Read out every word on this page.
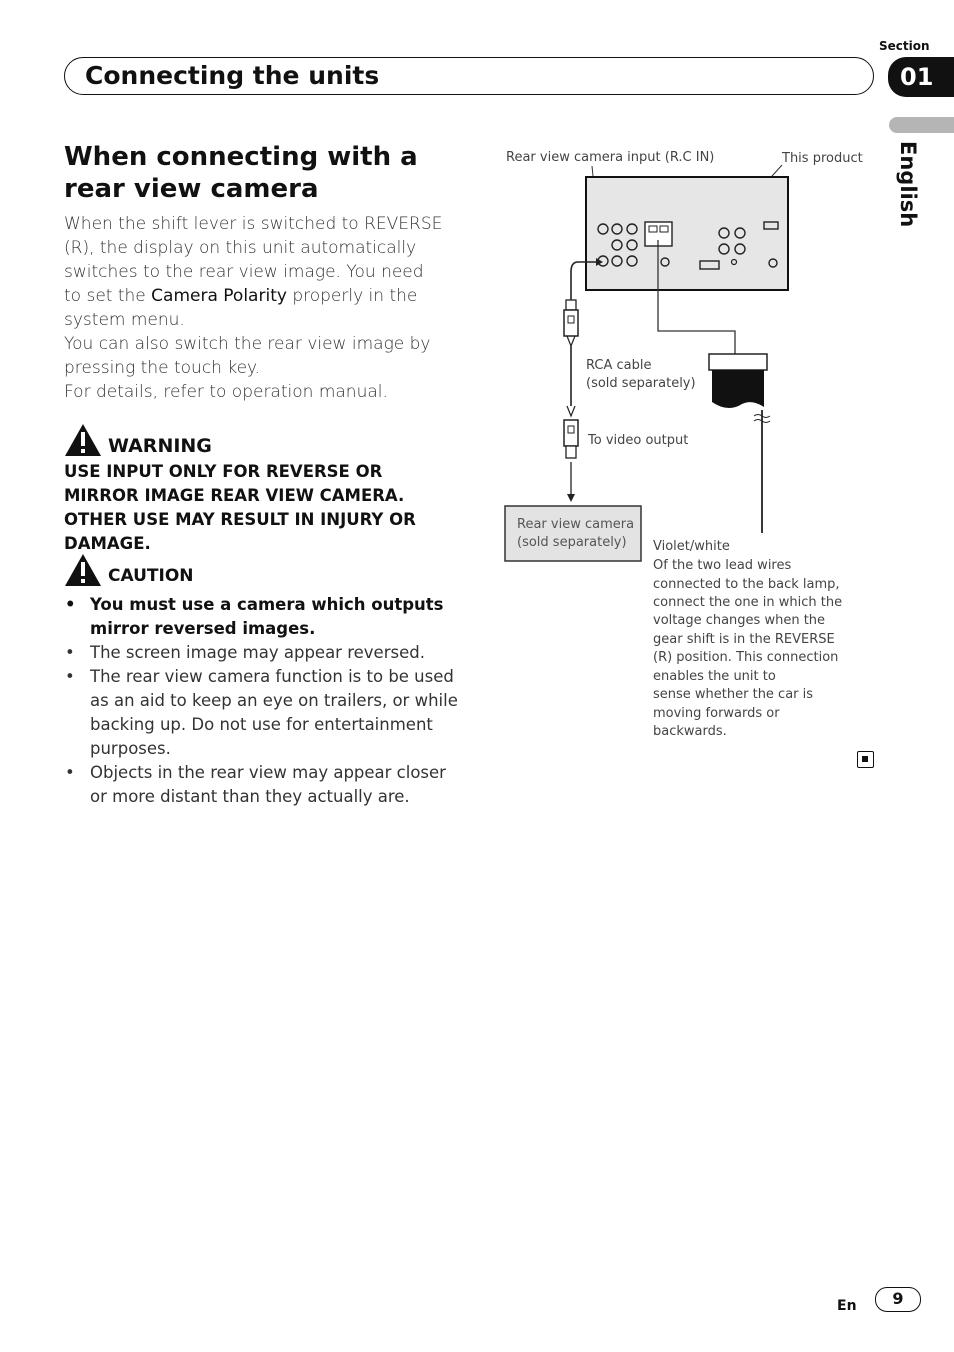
Section
Connecting the units	01
English
When connecting with a rear view camera

When the shift lever is switched to REVERSE (R), the display on this unit automatically switches to the rear view image. You need to set the Camera Polarity properly in the system menu.

You can also switch the rear view image by pressing the touch key.

For details, refer to operation manual.

WARNING
USE INPUT ONLY FOR REVERSE OR MIRROR IMAGE REAR VIEW CAMERA. OTHER USE MAY RESULT IN INJURY OR DAMAGE.
CAUTION
• You must use a camera which outputs mirror reversed images.
• The screen image may appear reversed.
• The rear view camera function is to be used as an aid to keep an eye on trailers, or while backing up. Do not use for entertainment purposes.
• Objects in the rear view may appear closer or more distant than they actually are.
Rear view camera input (R.C IN)	This product
RCA cable
(sold separately)
To video output
Rear view camera
(sold separately) Violet/white
Of the two lead wires
connected to the back lamp,
connect the one in which the
voltage changes when the
gear shift is in the REVERSE
(R) position. This connection
enables the unit to
sense whether the car is
moving forwards or
backwards.
En	9
